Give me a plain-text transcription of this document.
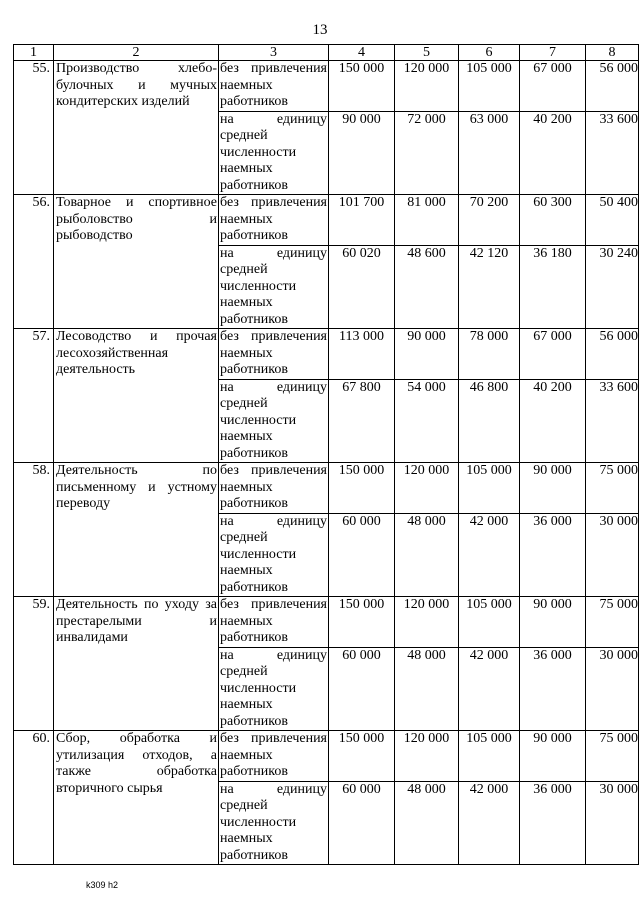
13
1	2	3	4	5	6	7	8
55.	Производство хлебо-булочных и мучных кондитерских изделий	без привлечения наемных работников	150 000	120 000	105 000	67 000	56 000
		на единицу средней численности наемных работников	90 000	72 000	63 000	40 200	33 600
56.	Товарное и спортивное рыболовство и рыбоводство	без привлечения наемных работников	101 700	81 000	70 200	60 300	50 400
		на единицу средней численности наемных работников	60 020	48 600	42 120	36 180	30 240
57.	Лесоводство и прочая лесохозяйственная деятельность	без привлечения наемных работников	113 000	90 000	78 000	67 000	56 000
		на единицу средней численности наемных работников	67 800	54 000	46 800	40 200	33 600
58.	Деятельность по письменному и устному переводу	без привлечения наемных работников	150 000	120 000	105 000	90 000	75 000
		на единицу средней численности наемных работников	60 000	48 000	42 000	36 000	30 000
59.	Деятельность по уходу за престарелыми и инвалидами	без привлечения наемных работников	150 000	120 000	105 000	90 000	75 000
		на единицу средней численности наемных работников	60 000	48 000	42 000	36 000	30 000
60.	Сбор, обработка и утилизация отходов, а также обработка вторичного сырья	без привлечения наемных работников	150 000	120 000	105 000	90 000	75 000
		на единицу средней численности наемных работников	60 000	48 000	42 000	36 000	30 000
k309 h2
